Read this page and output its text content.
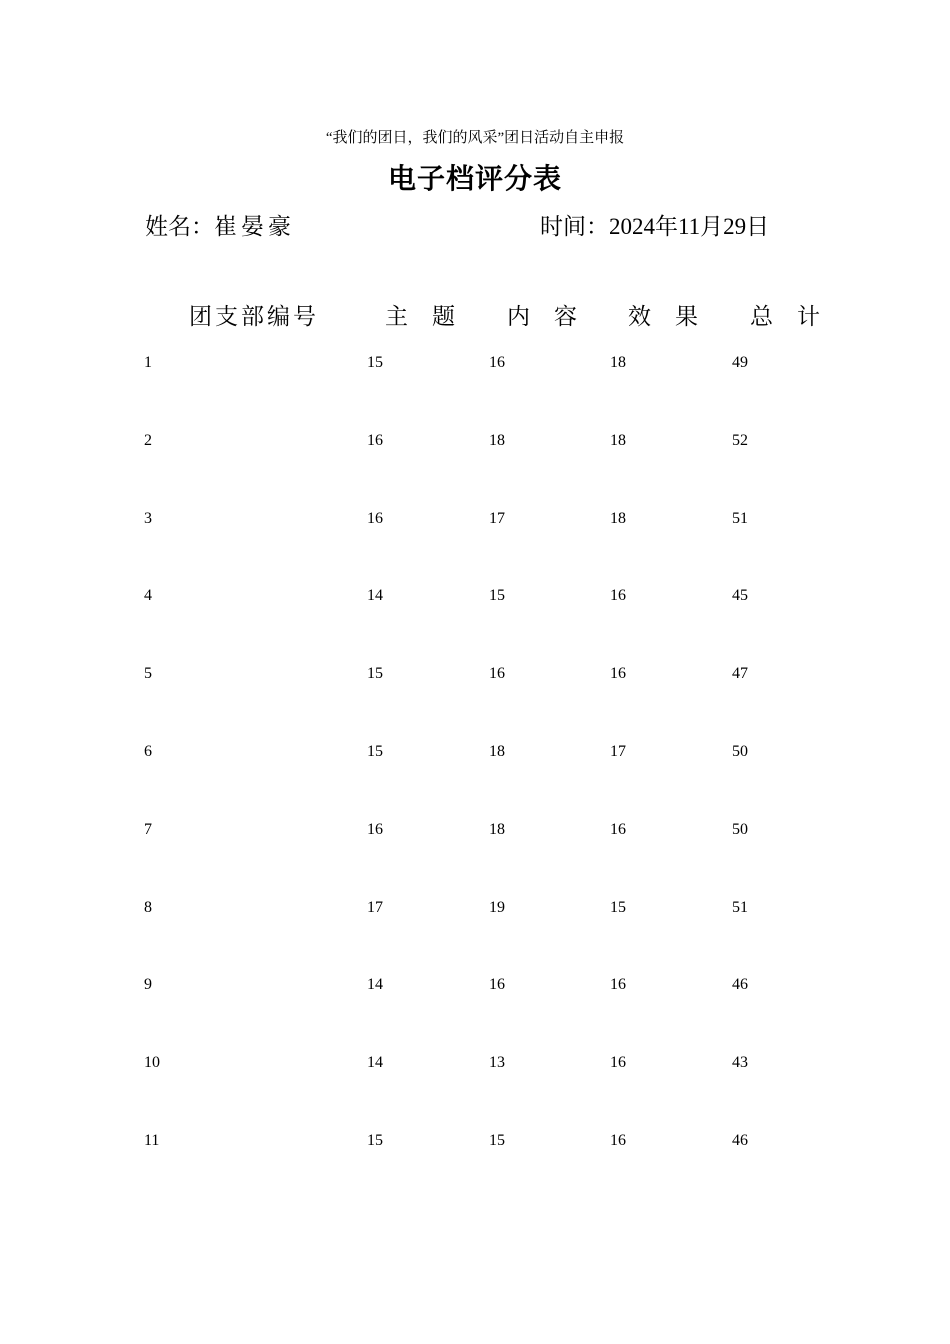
“我们的团日，我们的风采”团日活动自主申报
电子档评分表
姓名：崔晏豪	时间：2024年11月29日
团支部编号	主题 内容 效果 总计
1	15	16	18	49
2	16	18	18	52
3	16	17	18	51
4	14	15	16	45
5	15	16	16	47
6	15	18	17	50
7	16	18	16	50
8	17	19	15	51
9	14	16	16	46
10	14	13	16	43
11	15	15	16	46
